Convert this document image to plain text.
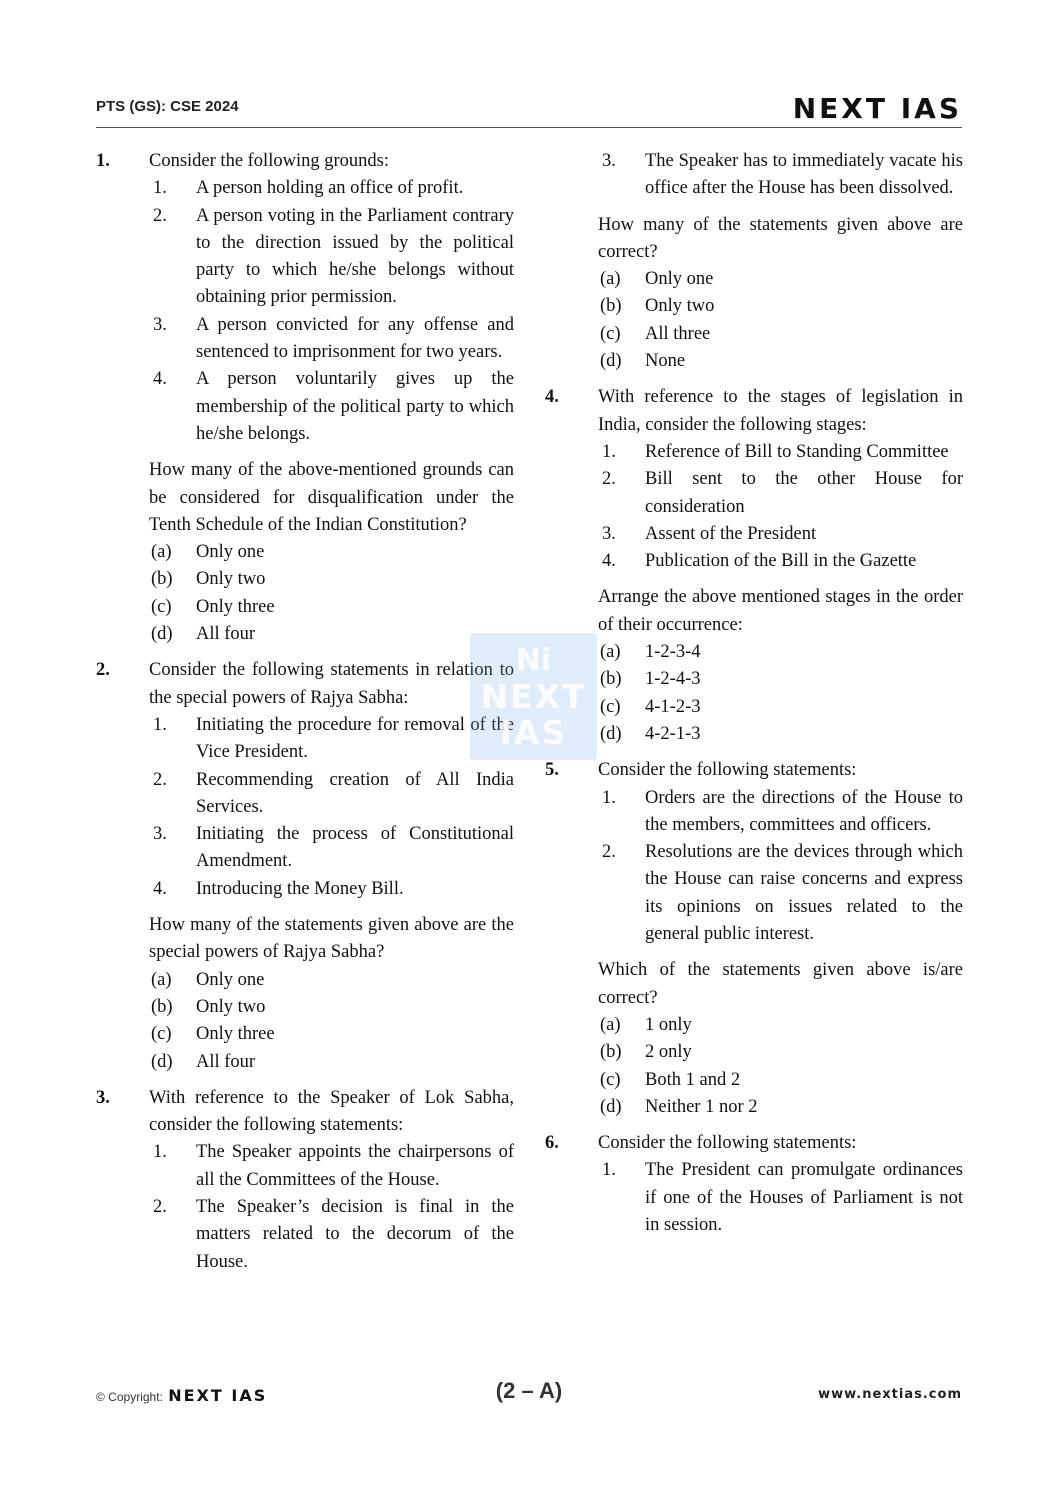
PTS (GS): CSE 2024	NEXT IAS
1. Consider the following grounds:
1. A person holding an office of profit.
2. A person voting in the Parliament contrary to the direction issued by the political party to which he/she belongs without obtaining prior permission.
3. A person convicted for any offense and sentenced to imprisonment for two years.
4. A person voluntarily gives up the membership of the political party to which he/she belongs.
How many of the above-mentioned grounds can be considered for disqualification under the Tenth Schedule of the Indian Constitution?
(a) Only one
(b) Only two
(c) Only three
(d) All four
2. Consider the following statements in relation to the special powers of Rajya Sabha:
1. Initiating the procedure for removal of the Vice President.
2. Recommending creation of All India Services.
3. Initiating the process of Constitutional Amendment.
4. Introducing the Money Bill.
How many of the statements given above are the special powers of Rajya Sabha?
(a) Only one
(b) Only two
(c) Only three
(d) All four
3. With reference to the Speaker of Lok Sabha, consider the following statements:
1. The Speaker appoints the chairpersons of all the Committees of the House.
2. The Speaker’s decision is final in the matters related to the decorum of the House.
3. The Speaker has to immediately vacate his office after the House has been dissolved.
How many of the statements given above are correct?
(a) Only one
(b) Only two
(c) All three
(d) None
4. With reference to the stages of legislation in India, consider the following stages:
1. Reference of Bill to Standing Committee
2. Bill sent to the other House for consideration
3. Assent of the President
4. Publication of the Bill in the Gazette
Arrange the above mentioned stages in the order of their occurrence:
(a) 1-2-3-4
(b) 1-2-4-3
(c) 4-1-2-3
(d) 4-2-1-3
5. Consider the following statements:
1. Orders are the directions of the House to the members, committees and officers.
2. Resolutions are the devices through which the House can raise concerns and express its opinions on issues related to the general public interest.
Which of the statements given above is/are correct?
(a) 1 only
(b) 2 only
(c) Both 1 and 2
(d) Neither 1 nor 2
6. Consider the following statements:
1. The President can promulgate ordinances if one of the Houses of Parliament is not in session.
Ni
NEXT
IAS
© Copyright: NEXT IAS	(2 – A)	www.nextias.com
